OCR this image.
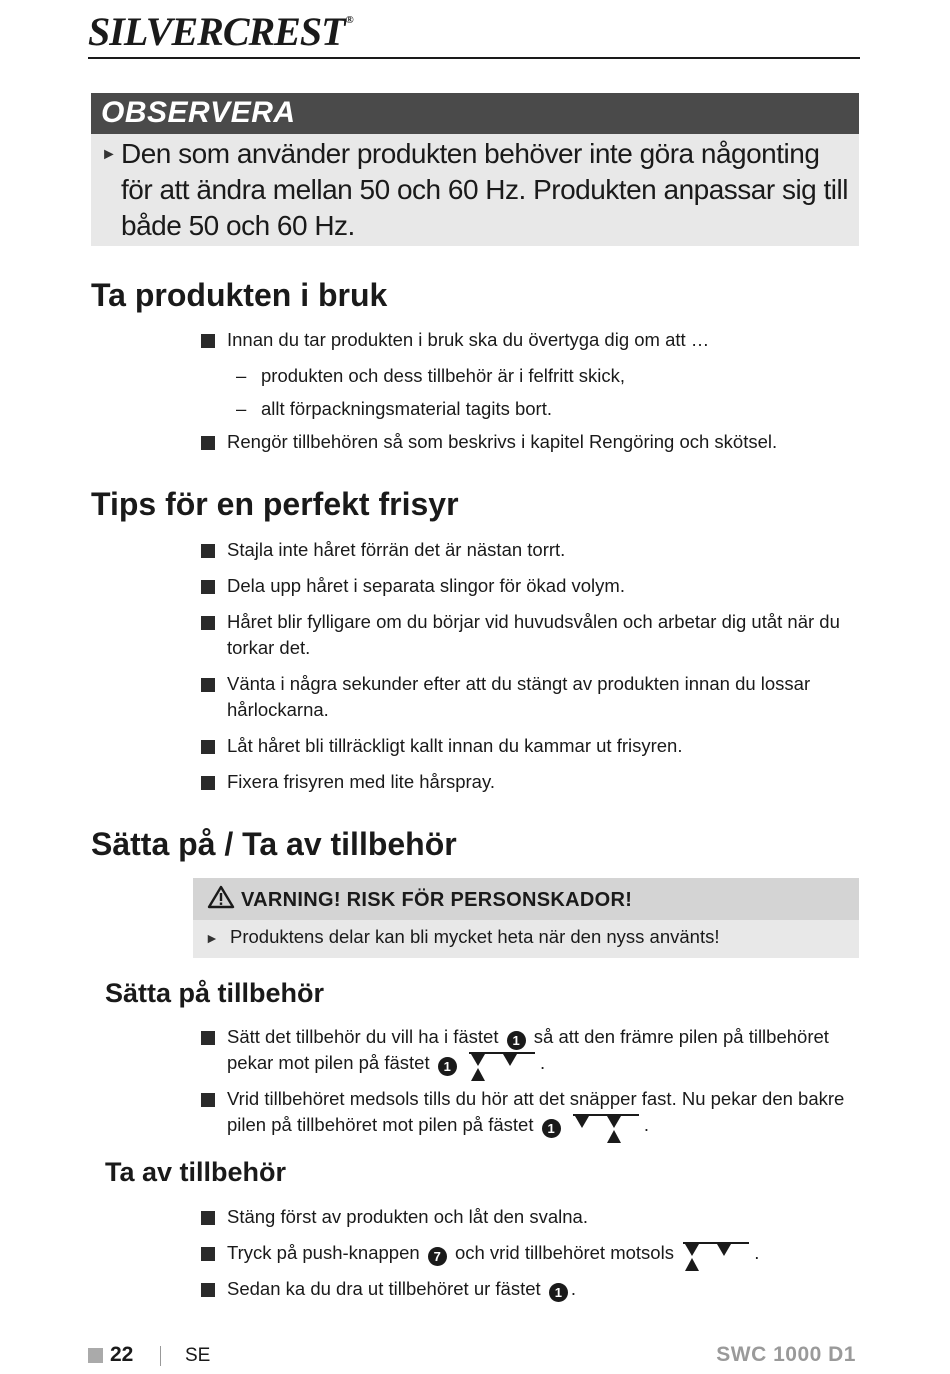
SILVERCREST®
OBSERVERA
► Den som använder produkten behöver inte göra någonting för att ändra mellan 50 och 60 Hz. Produkten anpassar sig till både 50 och 60 Hz.
Ta produkten i bruk
Innan du tar produkten i bruk ska du övertyga dig om att …
– produkten och dess tillbehör är i felfritt skick,
– allt förpackningsmaterial tagits bort.
Rengör tillbehören så som beskrivs i kapitel Rengöring och skötsel.
Tips för en perfekt frisyr
Stajla inte håret förrän det är nästan torrt.
Dela upp håret i separata slingor för ökad volym.
Håret blir fylligare om du börjar vid huvudsvålen och arbetar dig utåt när du torkar det.
Vänta i några sekunder efter att du stängt av produkten innan du lossar hårlockarna.
Låt håret bli tillräckligt kallt innan du kammar ut frisyren.
Fixera frisyren med lite hårspray.
Sätta på / Ta av tillbehör
VARNING! RISK FÖR PERSONSKADOR!
► Produktens delar kan bli mycket heta när den nyss använts!
Sätta på tillbehör
Sätt det tillbehör du vill ha i fästet 1 så att den främre pilen på tillbehöret
pekar mot pilen på fästet 1	.
Vrid tillbehöret medsols tills du hör att det snäpper fast. Nu pekar den bakre
pilen på tillbehöret mot pilen på fästet 1	.
Ta av tillbehör
Stäng först av produkten och låt den svalna.
Tryck på push-knappen 7 och vrid tillbehöret motsols	.
Sedan ka du dra ut tillbehöret ur fästet 1 .
22	SE	SWC 1000 D1
